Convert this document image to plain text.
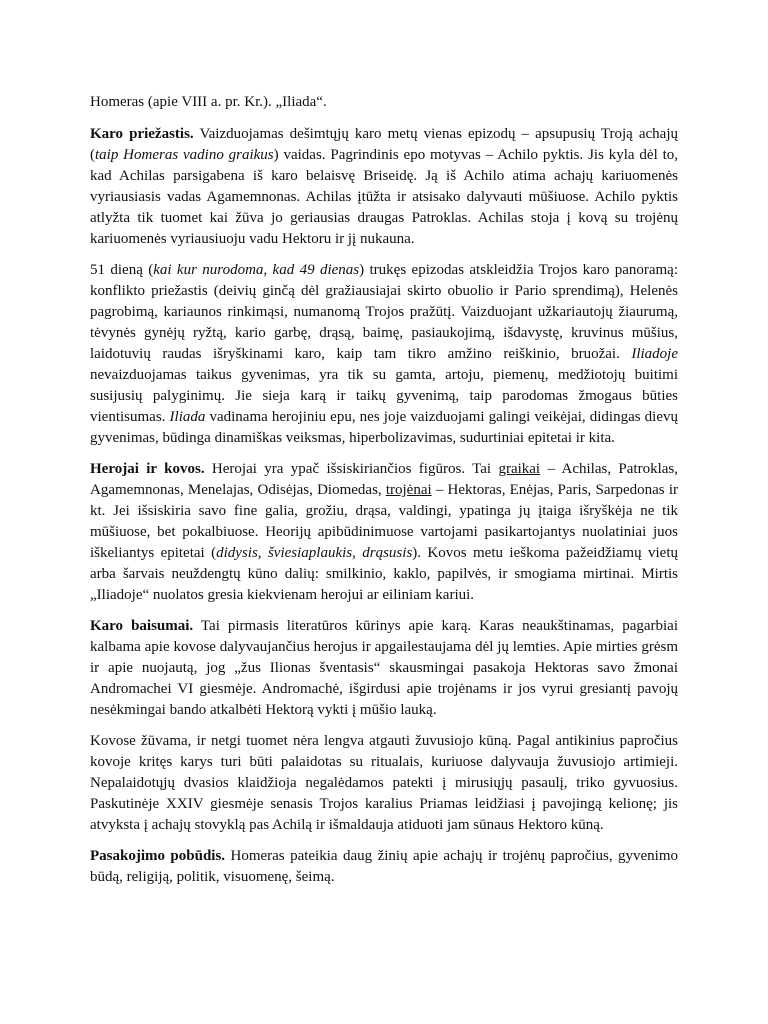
Homeras (apie VIII a. pr. Kr.). „Iliada“.

Karo priežastis. Vaizduojamas dešimtųjų karo metų vienas epizodų – apsupusių Troją achajų (taip Homeras vadino graikus) vaidas. Pagrindinis epo motyvas – Achilo pyktis. Jis kyla dėl to, kad Achilas parsigabena iš karo belaisvę Briseidę. Ją iš Achilo atima achajų kariuomenės vyriausiasis vadas Agamemnonas. Achilas įtūžta ir atsisako dalyvauti mūšiuose. Achilo pyktis atlyžta tik tuomet kai žūva jo geriausias draugas Patroklas. Achilas stoja į kovą su trojėnų kariuomenės vyriausiuoju vadu Hektoru ir jį nukauna.

51 dieną (kai kur nurodoma, kad 49 dienas) trukęs epizodas atskleidžia Trojos karo panoramą: konfliktο priežastis (deivių ginčą dėl gražiausiajai skirto obuolio ir Pario sprendimą), Helenės pagrobimą, kariaunos rinkimąsi, numanomą Trojos pražūtį. Vaizduojant užkariautojų žiaurumą, tėvynės gynėjų ryžtą, kario garbę, drąsą, baimę, pasiaukojimą, išdavystę, kruvinus mūšius, laidotuvių raudas išryškinami karo, kaip tam tikro amžino reiškinio, bruožai. Iliadoje nevaizduojamas taikus gyvenimas, yra tik su gamta, artoju, piemenų, medžiotojų buitimi susijusių palyginimų. Jie sieja karą ir taikų gyvenimą, taip parodomas žmogaus būties vientisumas. Iliada vadinama herojiniu epu, nes joje vaizduojami galingi veikėjai, didingas dievų gyvenimas, būdinga dinamiškas veiksmas, hiperbolizavimas, sudurtiniai epitetai ir kita.

Herojai ir kovos. Herojai yra ypač išsiskiriančios figūros. Tai graikai – Achilas, Patroklas, Agamemnonas, Menelajas, Odisėjas, Diomedas, trojėnai – Hektoras, Enėjas, Paris, Sarpedonas ir kt. Jei išsiskiria savo fine galia, grožiu, drąsa, valdingi, ypatinga jų įtaiga išryškėja ne tik mūšiuose, bet pokalbiuose. Heorijų apibūdinimuose vartojami pasikartojantys nuolatiniai juos iškeliantys epitetai (didysis, šviesiaplaukis, drąsusis). Kovos metu ieškoma pažeidžiamų vietų arba šarvais neuždengtų kūno dalių: smilkinio, kaklo, papilvės, ir smogiama mirtinai. Mirtis „Iliadoje“ nuolatos gresia kiekvienam herojui ar eiliniam kariui.

Karo baisumai. Tai pirmasis literatūros kūrinys apie karą. Karas neaukštinamas, pagarbiai kalbama apie kovose dalyvaujančius herojus ir apgailestaujama dėl jų lemties. Apie mirties grėsm ir apie nuojautą, jog „žus Ilionas šventasis“ skausmingai pasakoja Hektoras savo žmonai Andromachei VI giesmėje. Andromachė, išgirdusi apie trojėnams ir jos vyrui gresiantį pavojų nesėkmingai bando atkalbėti Hektorą vykti į mūšio lauką.

Kovose žūvama, ir netgi tuomet nėra lengva atgauti žuvusiojo kūną. Pagal antikinius papročius kovoje kritęs karys turi būti palaidotas su ritualais, kuriuose dalyvauja žuvusiojo artimieji. Nepalaidotųjų dvasios klaidžioja negalėdamos patekti į mirusiųjų pasaulį, triko gyvuosius. Paskutinėje XXIV giesmėje senasis Trojos karalius Priamas leidžiasi į pavojingą kelionę; jis atvyksta į achajų stovyklą pas Achilą ir išmaldauja atiduoti jam sūnaus Hektoro kūną.

Pasakojimo pobūdis. Homeras pateikia daug žinių apie achajų ir trojėnų papročius, gyvenimo būdą, religiją, politik, visuomenę, šeimą.
